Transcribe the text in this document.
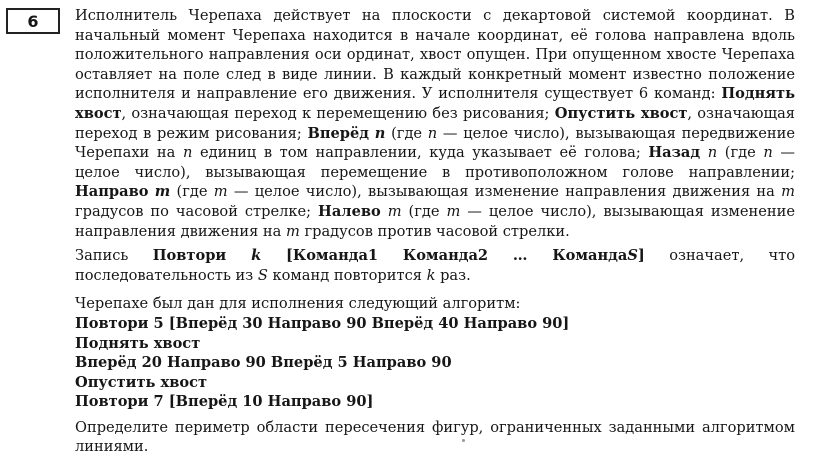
6 Исполнитель Черепаха действует на плоскости с декартовой системой координат. В начальный момент Черепаха находится в начале координат, её голова направлена вдоль положительного направления оси ординат, хвост опущен. При опущенном хвосте Черепаха оставляет на поле след в виде линии. В каждый конкретный момент известно положение исполнителя и направление его движения. У исполнителя существует 6 команд: Поднять хвост, означающая переход к перемещению без рисования; Опустить хвост, означающая переход в режим рисования; Вперёд n (где n — целое число), вызывающая передвижение Черепахи на n единиц в том направлении, куда указывает её голова; Назад n (где n — целое число), вызывающая перемещение в противоположном голове направлении; Направо m (где m — целое число), вызывающая изменение направления движения на m градусов по часовой стрелке; Налево m (где m — целое число), вызывающая изменение направления движения на m градусов против часовой стрелки.

Запись Повтори k [Команда1 Команда2 … КомандаS] означает, что последовательность из S команд повторится k раз.

Черепахе был дан для исполнения следующий алгоритм:

Повтори 5 [Вперёд 30 Направо 90 Вперёд 40 Направо 90]

Поднять хвост

Вперёд 20 Направо 90 Вперёд 5 Направо 90

Опустить хвост

Повтори 7 [Вперёд 10 Направо 90]

Определите периметр области пересечения фигур, ограниченных заданными алгоритмом линиями.
